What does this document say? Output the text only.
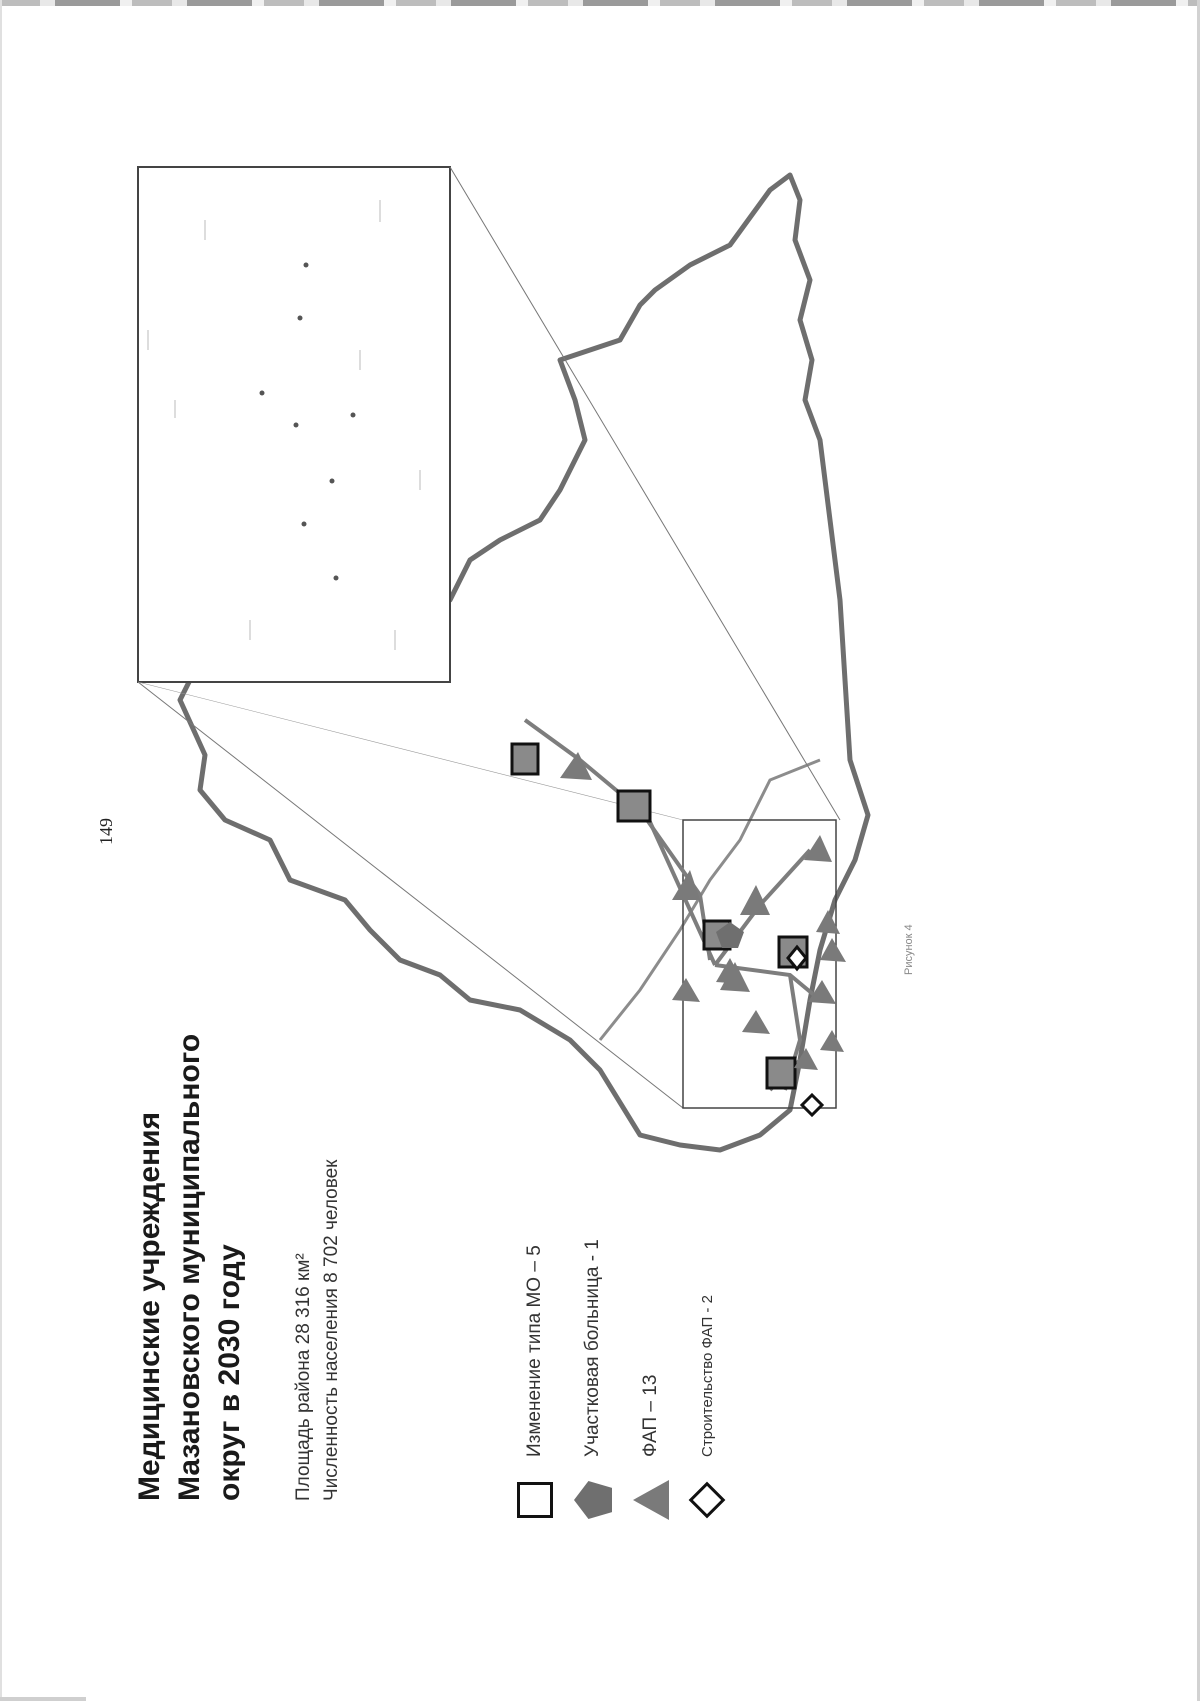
149
Рисунок 4
Медицинские учреждения Мазановского муниципального округ в 2030 году Площадь района 28 316 км² Численность населения 8 702 человек	Изменение типа МО – 5 Участковая больница - 1 ФАП – 13	Строительство ФАП - 2
